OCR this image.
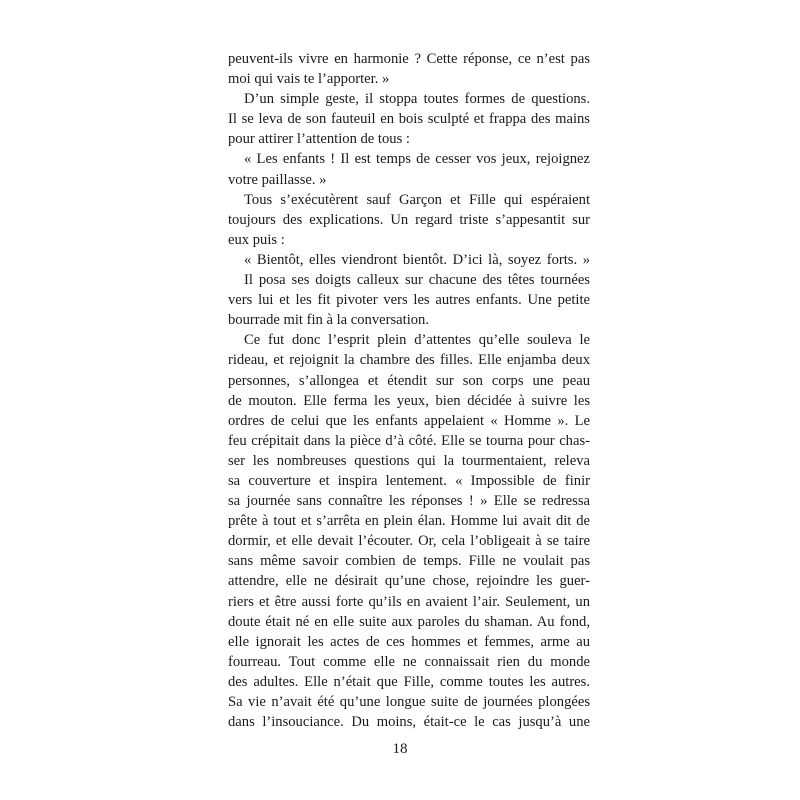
peuvent-ils vivre en harmonie ? Cette réponse, ce n’est pas
moi qui vais te l’apporter. »
D’un simple geste, il stoppa toutes formes de questions.
Il se leva de son fauteuil en bois sculpté et frappa des mains
pour attirer l’attention de tous :
« Les enfants ! Il est temps de cesser vos jeux, rejoignez
votre paillasse. »
Tous s’exécutèrent sauf Garçon et Fille qui espéraient
toujours des explications. Un regard triste s’appesantit sur
eux puis :
« Bientôt, elles viendront bientôt. D’ici là, soyez forts. »
Il posa ses doigts calleux sur chacune des têtes tournées
vers lui et les fit pivoter vers les autres enfants. Une petite
bourrade mit fin à la conversation.
Ce fut donc l’esprit plein d’attentes qu’elle souleva le
rideau, et rejoignit la chambre des filles. Elle enjamba deux
personnes, s’allongea et étendit sur son corps une peau
de mouton. Elle ferma les yeux, bien décidée à suivre les
ordres de celui que les enfants appelaient « Homme ». Le
feu crépitait dans la pièce d’à côté. Elle se tourna pour chas-
ser les nombreuses questions qui la tourmentaient, releva
sa couverture et inspira lentement. « Impossible de finir
sa journée sans connaître les réponses ! » Elle se redressa
prête à tout et s’arrêta en plein élan. Homme lui avait dit de
dormir, et elle devait l’écouter. Or, cela l’obligeait à se taire
sans même savoir combien de temps. Fille ne voulait pas
attendre, elle ne désirait qu’une chose, rejoindre les guer-
riers et être aussi forte qu’ils en avaient l’air. Seulement, un
doute était né en elle suite aux paroles du shaman. Au fond,
elle ignorait les actes de ces hommes et femmes, arme au
fourreau. Tout comme elle ne connaissait rien du monde
des adultes. Elle n’était que Fille, comme toutes les autres.
Sa vie n’avait été qu’une longue suite de journées plongées
dans l’insouciance. Du moins, était-ce le cas jusqu’à une
18
